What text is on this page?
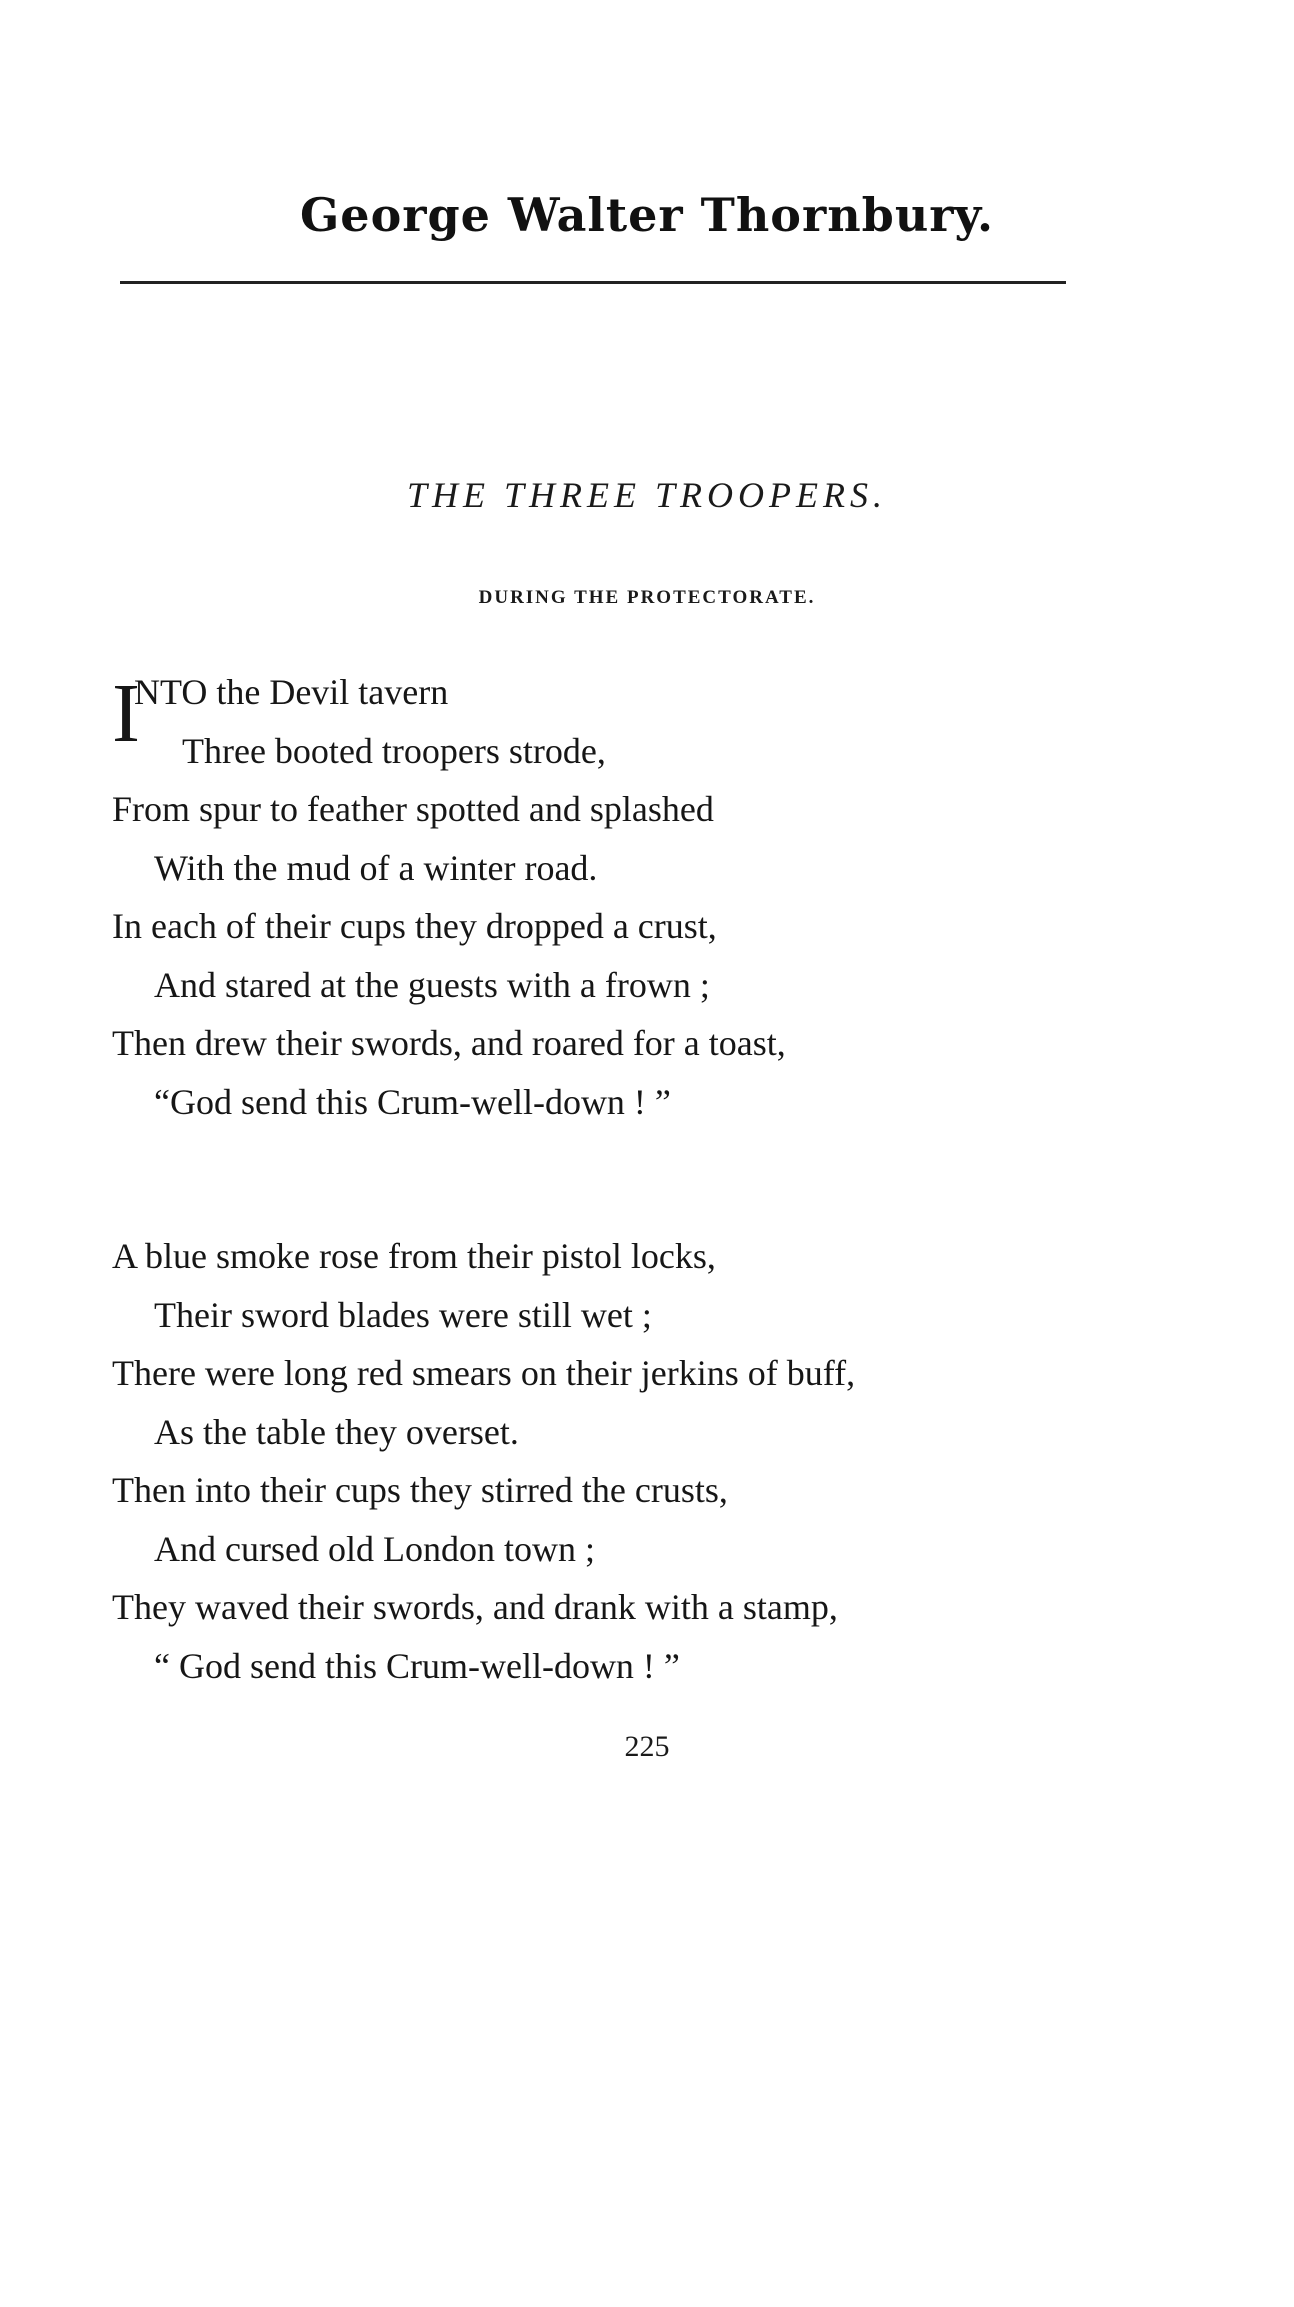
George Walter Thornbury.
THE THREE TROOPERS.
DURING THE PROTECTORATE.
I
NTO the Devil tavern
Three booted troopers strode,
From spur to feather spotted and splashed
With the mud of a winter road.
In each of their cups they dropped a crust,
And stared at the guests with a frown ;
Then drew their swords, and roared for a toast,
“God send this Crum-well-down ! ”
A blue smoke rose from their pistol locks,
Their sword blades were still wet ;
There were long red smears on their jerkins of buff,
As the table they overset.
Then into their cups they stirred the crusts,
And cursed old London town ;
They waved their swords, and drank with a stamp,
“ God send this Crum-well-down ! ”
225
